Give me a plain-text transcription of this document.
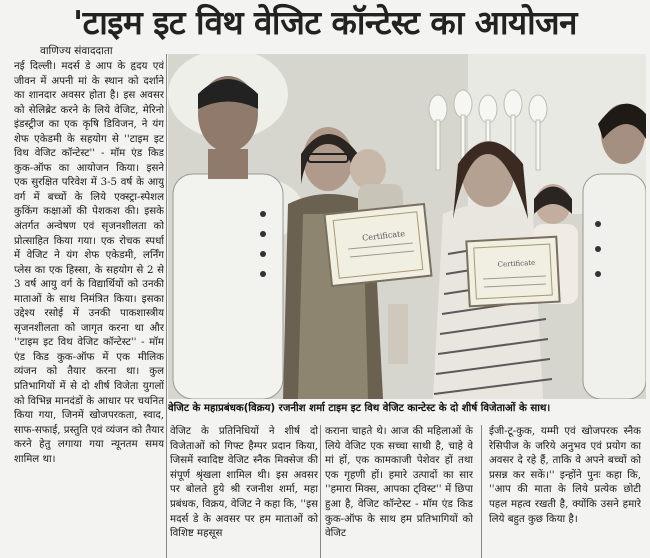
'टाइम इट विथ वेजिट कॉन्टेस्ट का आयोजन
वाणिज्य संवाददाता

नई दिल्ली। मदर्स डे आप के हृदय एवं जीवन में अपनी मां के स्थान को दर्शाने का शानदार अवसर होता है। इस अवसर को सेलिब्रेट करने के लिये वेजिट, मेरिनो इंडस्ट्रीज का एक कृषि डिविजन, ने यंग शेफ एकेडमी के सहयोग से ''टाइम इट विथ वेजिट कॉन्टेस्ट'' - मॉम एंड किड कुक-ऑफ का आयोजन किया। इसने एक सुरक्षित परिवेश में 3-5 वर्ष के आयु वर्ग में बच्चों के लिये एक्स्ट्रा-स्पेशल कुकिंग कक्षाओं की पेशकश की। इसके अंतर्गत अन्वेषण एवं सृजनशीलता को प्रोत्साहित किया गया। एक रोचक स्पर्धा में वेजिट ने यंग शेफ एकेडमी, लर्निंग प्लेस का एक हिस्सा, के सहयोग से 2 से 3 वर्ष आयु वर्ग के विद्यार्थियों को उनकी माताओं के साथ निमंत्रित किया। इसका उद्देश्य रसोई में उनकी पाकशास्त्रीय सृजनशीलता को जागृत करना था और ''टाइम इट विथ वेजिट कॉन्टेस्ट'' - मॉम एंड किड कुक-ऑफ में एक मीलिक व्यंजन को तैयार करना था। कुल प्रतिभागियों में से दो शीर्ष विजेता युगलों को विभिन्न मानदंडों के आधार पर चयनित किया गया, जिनमें खोजपरकता, स्वाद, साफ-सफाई, प्रस्तुति एवं व्यंजन को तैयार करने हेतु लगाया गया न्यूनतम समय शामिल था।

Certificate
Certificate
वेजिट के महाप्रबंधक(विक्रय) रजनीश शर्मा टाइम इट विथ वेजिट कान्टेस्ट के दो शीर्ष विजेताओं के साथ।

वेजिट के प्रतिनिधियों ने शीर्ष दो विजेताओं को गिफ्ट हैम्पर प्रदान किया, जिसमें स्वादिष्ट वेजिट स्नैक मिक्सेज की संपूर्ण श्रृंखला शामिल थी। इस अवसर पर बोलते हुये श्री रजनीश शर्मा, महा प्रबंधक, विक्रय, वेजिट ने कहा कि, ''इस मदर्स डे के अवसर पर हम माताओं को विशिष्ट महसूस

कराना चाहते थे। आज की महिलाओं के लिये वेजिट एक सच्चा साथी है, चाहे वे मां हों, एक कामकाजी पेशेवर हों तथा एक गृहणी हों। हमारे उत्पादों का सार ''हमारा मिक्स, आपका ट्विस्ट'' में छिपा हुआ है, वेजिट कॉन्टेस्ट - मॉम एंड किड कुक-ऑफ के साथ हम प्रतिभागियों को वेजिट

ईजी-टू-कुक, यम्मी एवं खोजपरक स्नैक रेसिपीज के जरिये अनुभव एवं प्रयोग का अवसर दे रहे हैं, ताकि वे अपने बच्चों को प्रसन्न कर सकें।'' इन्होंने पुनः कहा कि, ''आप की माता के लिये प्रत्येक छोटी पहल महत्व रखती है, क्योंकि उसने हमारे लिये बहुत कुछ किया है।
